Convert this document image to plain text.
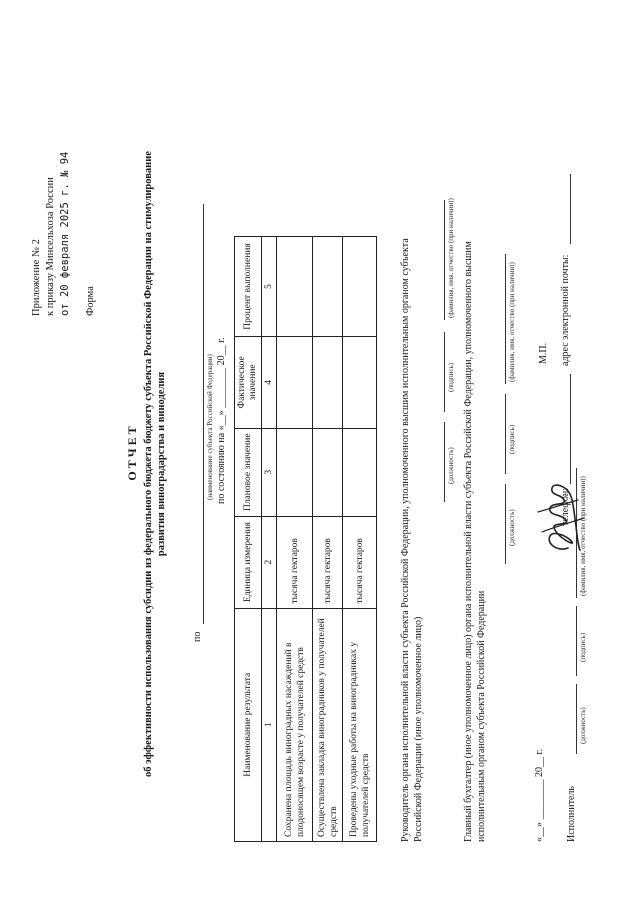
Приложение № 2 к приказу Минсельхоза России от 20 февраля 2025 г. № 94 Форма
ОТЧЕТ об эффективности использования субсидии из федерального бюджета бюджету субъекта Российской Федерации на стимулирование развития виноградарства и виноделия
по
(наименование субъекта Российской Федерации) по состоянию на «__» ________ 20__ г.
Наименование результата	Единица измерения	Плановое значение	Фактическое значение	Процент выполнения
1	2	3	4	5
Сохранена площадь виноградных насаждений в плодоносящем возрасте у получателей средств	тысяча гектаров			
Осуществлена закладка виноградников у получателей средств	тысяча гектаров			
Проведены уходные работы на виноградниках у получателей средств	тысяча гектаров				Руководитель органа исполнительной власти субъекта Российской Федерации, уполномоченного высшим исполнительным органом субъекта Российской Федерации (иное уполномоченное лицо)
(должность)
(подпись)
(фамилия, имя, отчество (при наличии)) Главный бухгалтер (иное уполномоченное лицо) органа исполнительной власти субъекта Российской Федерации, уполномоченного высшим исполнительным органом субъекта Российской Федерации
(должность)
(подпись)
(фамилия, имя, отчество (при наличии))
«__» ________ 20__ г.
М.П.
Исполнитель
(должность)
(подпись)
(фамилия, имя, отчество (при наличии))
телефон:
адрес электронной почты:
